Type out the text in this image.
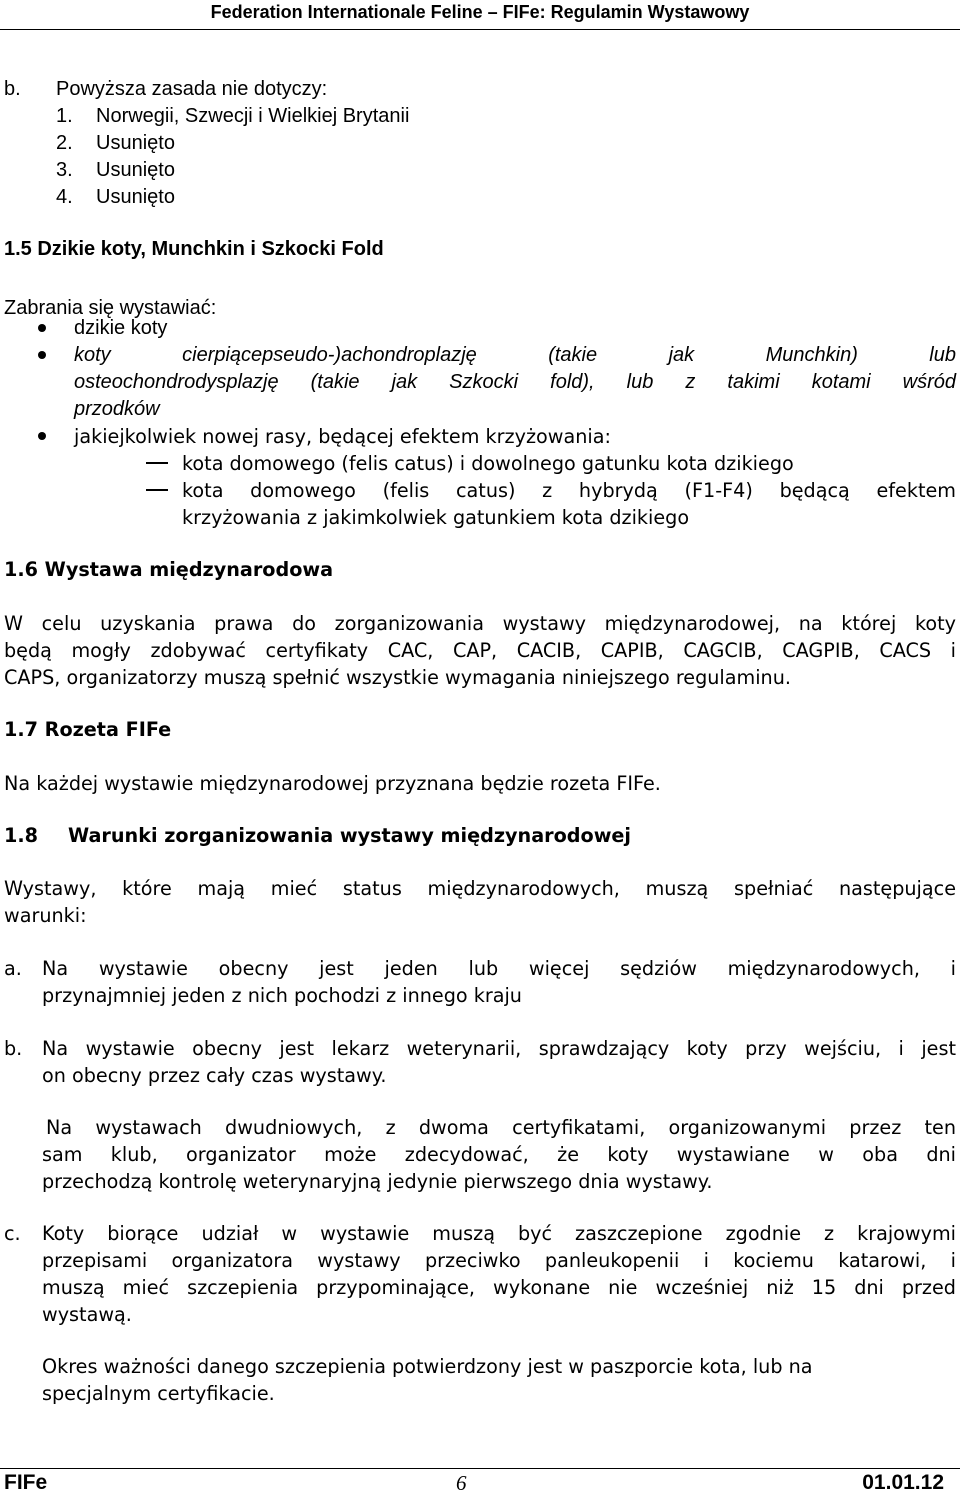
Federation Internationale Feline – FIFe: Regulamin Wystawowy
b. Powyższa zasada nie dotyczy:
1. Norwegii, Szwecji i Wielkiej Brytanii
2. Usunięto
3. Usunięto
4. Usunięto
1.5 Dzikie koty, Munchkin i Szkocki Fold
Zabrania się wystawiać:
dzikie koty
koty cierpiącepseudo-)achondroplazję (takie jak Munchkin) lub
osteochondrodysplazję (takie jak Szkocki fold), lub z takimi kotami wśród
przodków
jakiejkolwiek nowej rasy, będącej efektem krzyżowania:
kota domowego (felis catus) i dowolnego gatunku kota dzikiego
kota domowego (felis catus) z hybrydą (F1-F4) będącą efektem
krzyżowania z jakimkolwiek gatunkiem kota dzikiego
1.6 Wystawa międzynarodowa
W celu uzyskania prawa do zorganizowania wystawy międzynarodowej, na której koty
będą mogły zdobywać certyfikaty CAC, CAP, CACIB, CAPIB, CAGCIB, CAGPIB, CACS i
CAPS, organizatorzy muszą spełnić wszystkie wymagania niniejszego regulaminu.
1.7 Rozeta FIFe
Na każdej wystawie międzynarodowej przyznana będzie rozeta FIFe.
1.8 Warunki zorganizowania wystawy międzynarodowej
Wystawy, które mają mieć status międzynarodowych, muszą spełniać następujące
warunki:
a. Na wystawie obecny jest jeden lub więcej sędziów międzynarodowych, i
przynajmniej jeden z nich pochodzi z innego kraju
b. Na wystawie obecny jest lekarz weterynarii, sprawdzający koty przy wejściu, i jest
on obecny przez cały czas wystawy.
Na wystawach dwudniowych, z dwoma certyfikatami, organizowanymi przez ten
sam klub, organizator może zdecydować, że koty wystawiane w oba dni
przechodzą kontrolę weterynaryjną jedynie pierwszego dnia wystawy.
c. Koty biorące udział w wystawie muszą być zaszczepione zgodnie z krajowymi
przepisami organizatora wystawy przeciwko panleukopenii i kociemu katarowi, i
muszą mieć szczepienia przypominające, wykonane nie wcześniej niż 15 dni przed
wystawą.
Okres ważności danego szczepienia potwierdzony jest w paszporcie kota, lub na
specjalnym certyfikacie.
FIFe	6	01.01.12
